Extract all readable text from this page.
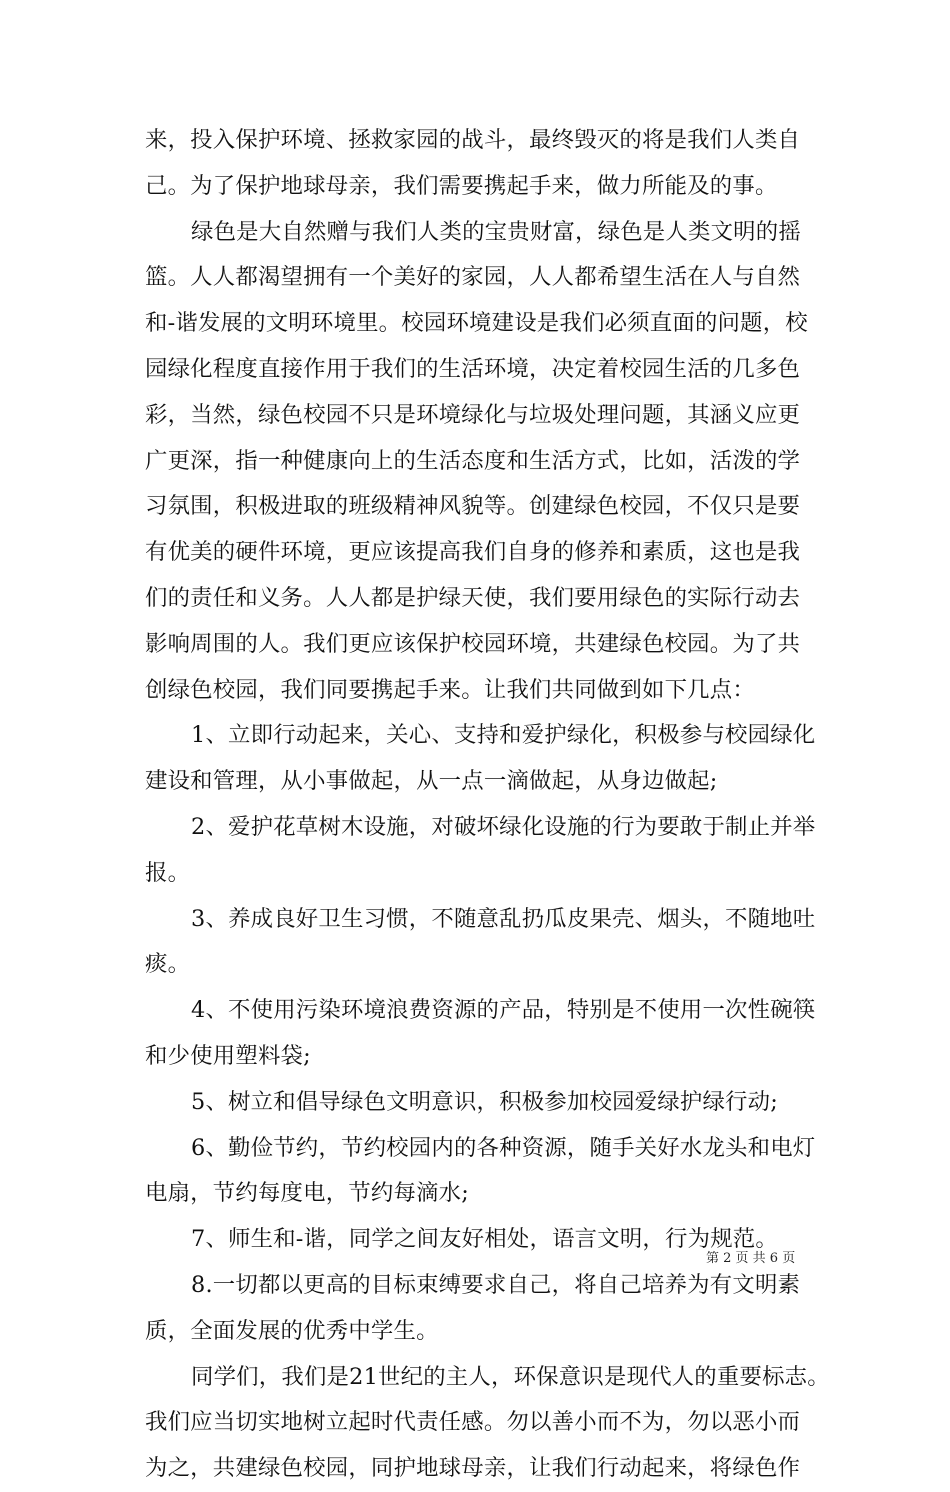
来，投入保护环境、拯救家园的战斗，最终毁灭的将是我们人类自
己。为了保护地球母亲，我们需要携起手来，做力所能及的事。
绿色是大自然赠与我们人类的宝贵财富，绿色是人类文明的摇
篮。人人都渴望拥有一个美好的家园，人人都希望生活在人与自然
和-谐发展的文明环境里。校园环境建设是我们必须直面的问题，校
园绿化程度直接作用于我们的生活环境，决定着校园生活的几多色
彩，当然，绿色校园不只是环境绿化与垃圾处理问题，其涵义应更
广更深，指一种健康向上的生活态度和生活方式，比如，活泼的学
习氛围，积极进取的班级精神风貌等。创建绿色校园，不仅只是要
有优美的硬件环境，更应该提高我们自身的修养和素质，这也是我
们的责任和义务。人人都是护绿天使，我们要用绿色的实际行动去
影响周围的人。我们更应该保护校园环境，共建绿色校园。为了共
创绿色校园，我们同要携起手来。让我们共同做到如下几点：
1、立即行动起来，关心、支持和爱护绿化，积极参与校园绿化
建设和管理，从小事做起，从一点一滴做起，从身边做起;
2、爱护花草树木设施，对破坏绿化设施的行为要敢于制止并举
报。
3、养成良好卫生习惯，不随意乱扔瓜皮果壳、烟头，不随地吐
痰。
4、不使用污染环境浪费资源的产品，特别是不使用一次性碗筷
和少使用塑料袋;
5、树立和倡导绿色文明意识，积极参加校园爱绿护绿行动;
6、勤俭节约，节约校园内的各种资源，随手关好水龙头和电灯
电扇，节约每度电，节约每滴水;
7、师生和-谐，同学之间友好相处，语言文明，行为规范。
8.一切都以更高的目标束缚要求自己，将自己培养为有文明素
质，全面发展的优秀中学生。
同学们，我们是21世纪的主人，环保意识是现代人的重要标志。
我们应当切实地树立起时代责任感。勿以善小而不为，勿以恶小而
为之，共建绿色校园，同护地球母亲，让我们行动起来，将绿色作
第 2 页 共 6 页
